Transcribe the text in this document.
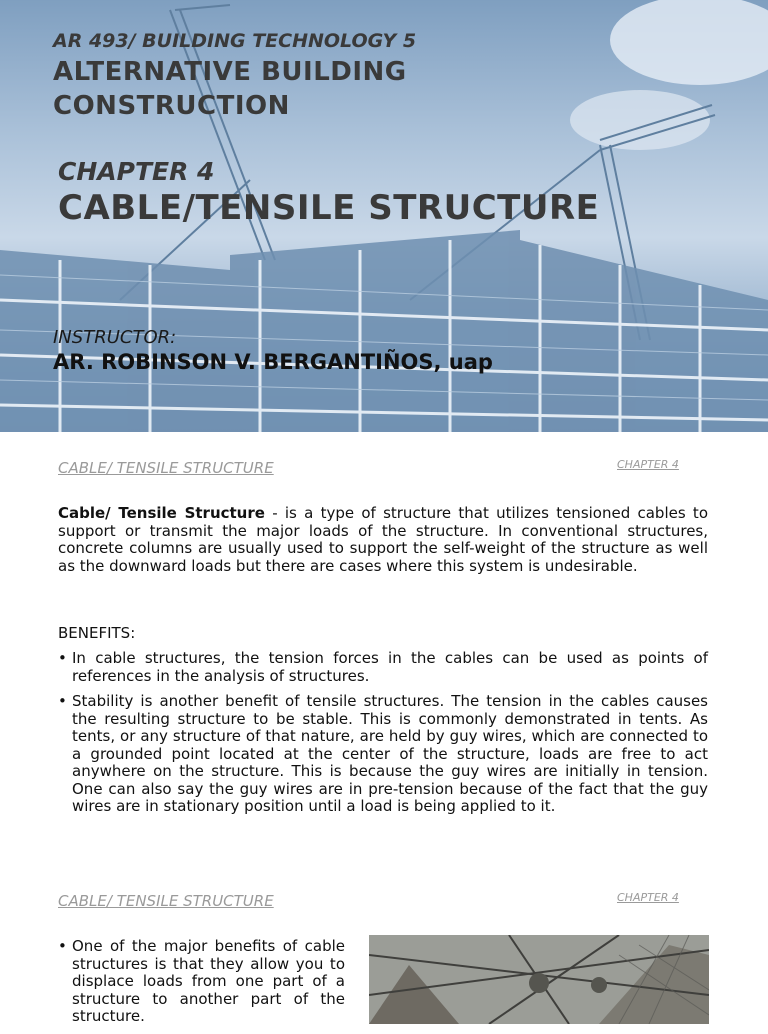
AR 493/ BUILDING TECHNOLOGY 5
ALTERNATIVE BUILDING
CONSTRUCTION
CHAPTER 4
CABLE/TENSILE STRUCTURE
INSTRUCTOR:
AR. ROBINSON V. BERGANTIÑOS, uap
CABLE/ TENSILE STRUCTURE	CHAPTER 4
Cable/ Tensile Structure - is a type of structure that utilizes tensioned cables to support or transmit the major loads of the structure. In conventional structures, concrete columns are usually used to support the self-weight of the structure as well as the downward loads but there are cases where this system is undesirable.
BENEFITS:
• In cable structures, the tension forces in the cables can be used as points of references in the analysis of structures.
• Stability is another benefit of tensile structures. The tension in the cables causes the resulting structure to be stable. This is commonly demonstrated in tents. As tents, or any structure of that nature, are held by guy wires, which are connected to a grounded point located at the center of the structure, loads are free to act anywhere on the structure. This is because the guy wires are initially in tension. One can also say the guy wires are in pre-tension because of the fact that the guy wires are in stationary position until a load is being applied to it.
CABLE/ TENSILE STRUCTURE	CHAPTER 4
• One of the major benefits of cable structures is that they allow you to displace loads from one part of a structure to another part of the structure.
